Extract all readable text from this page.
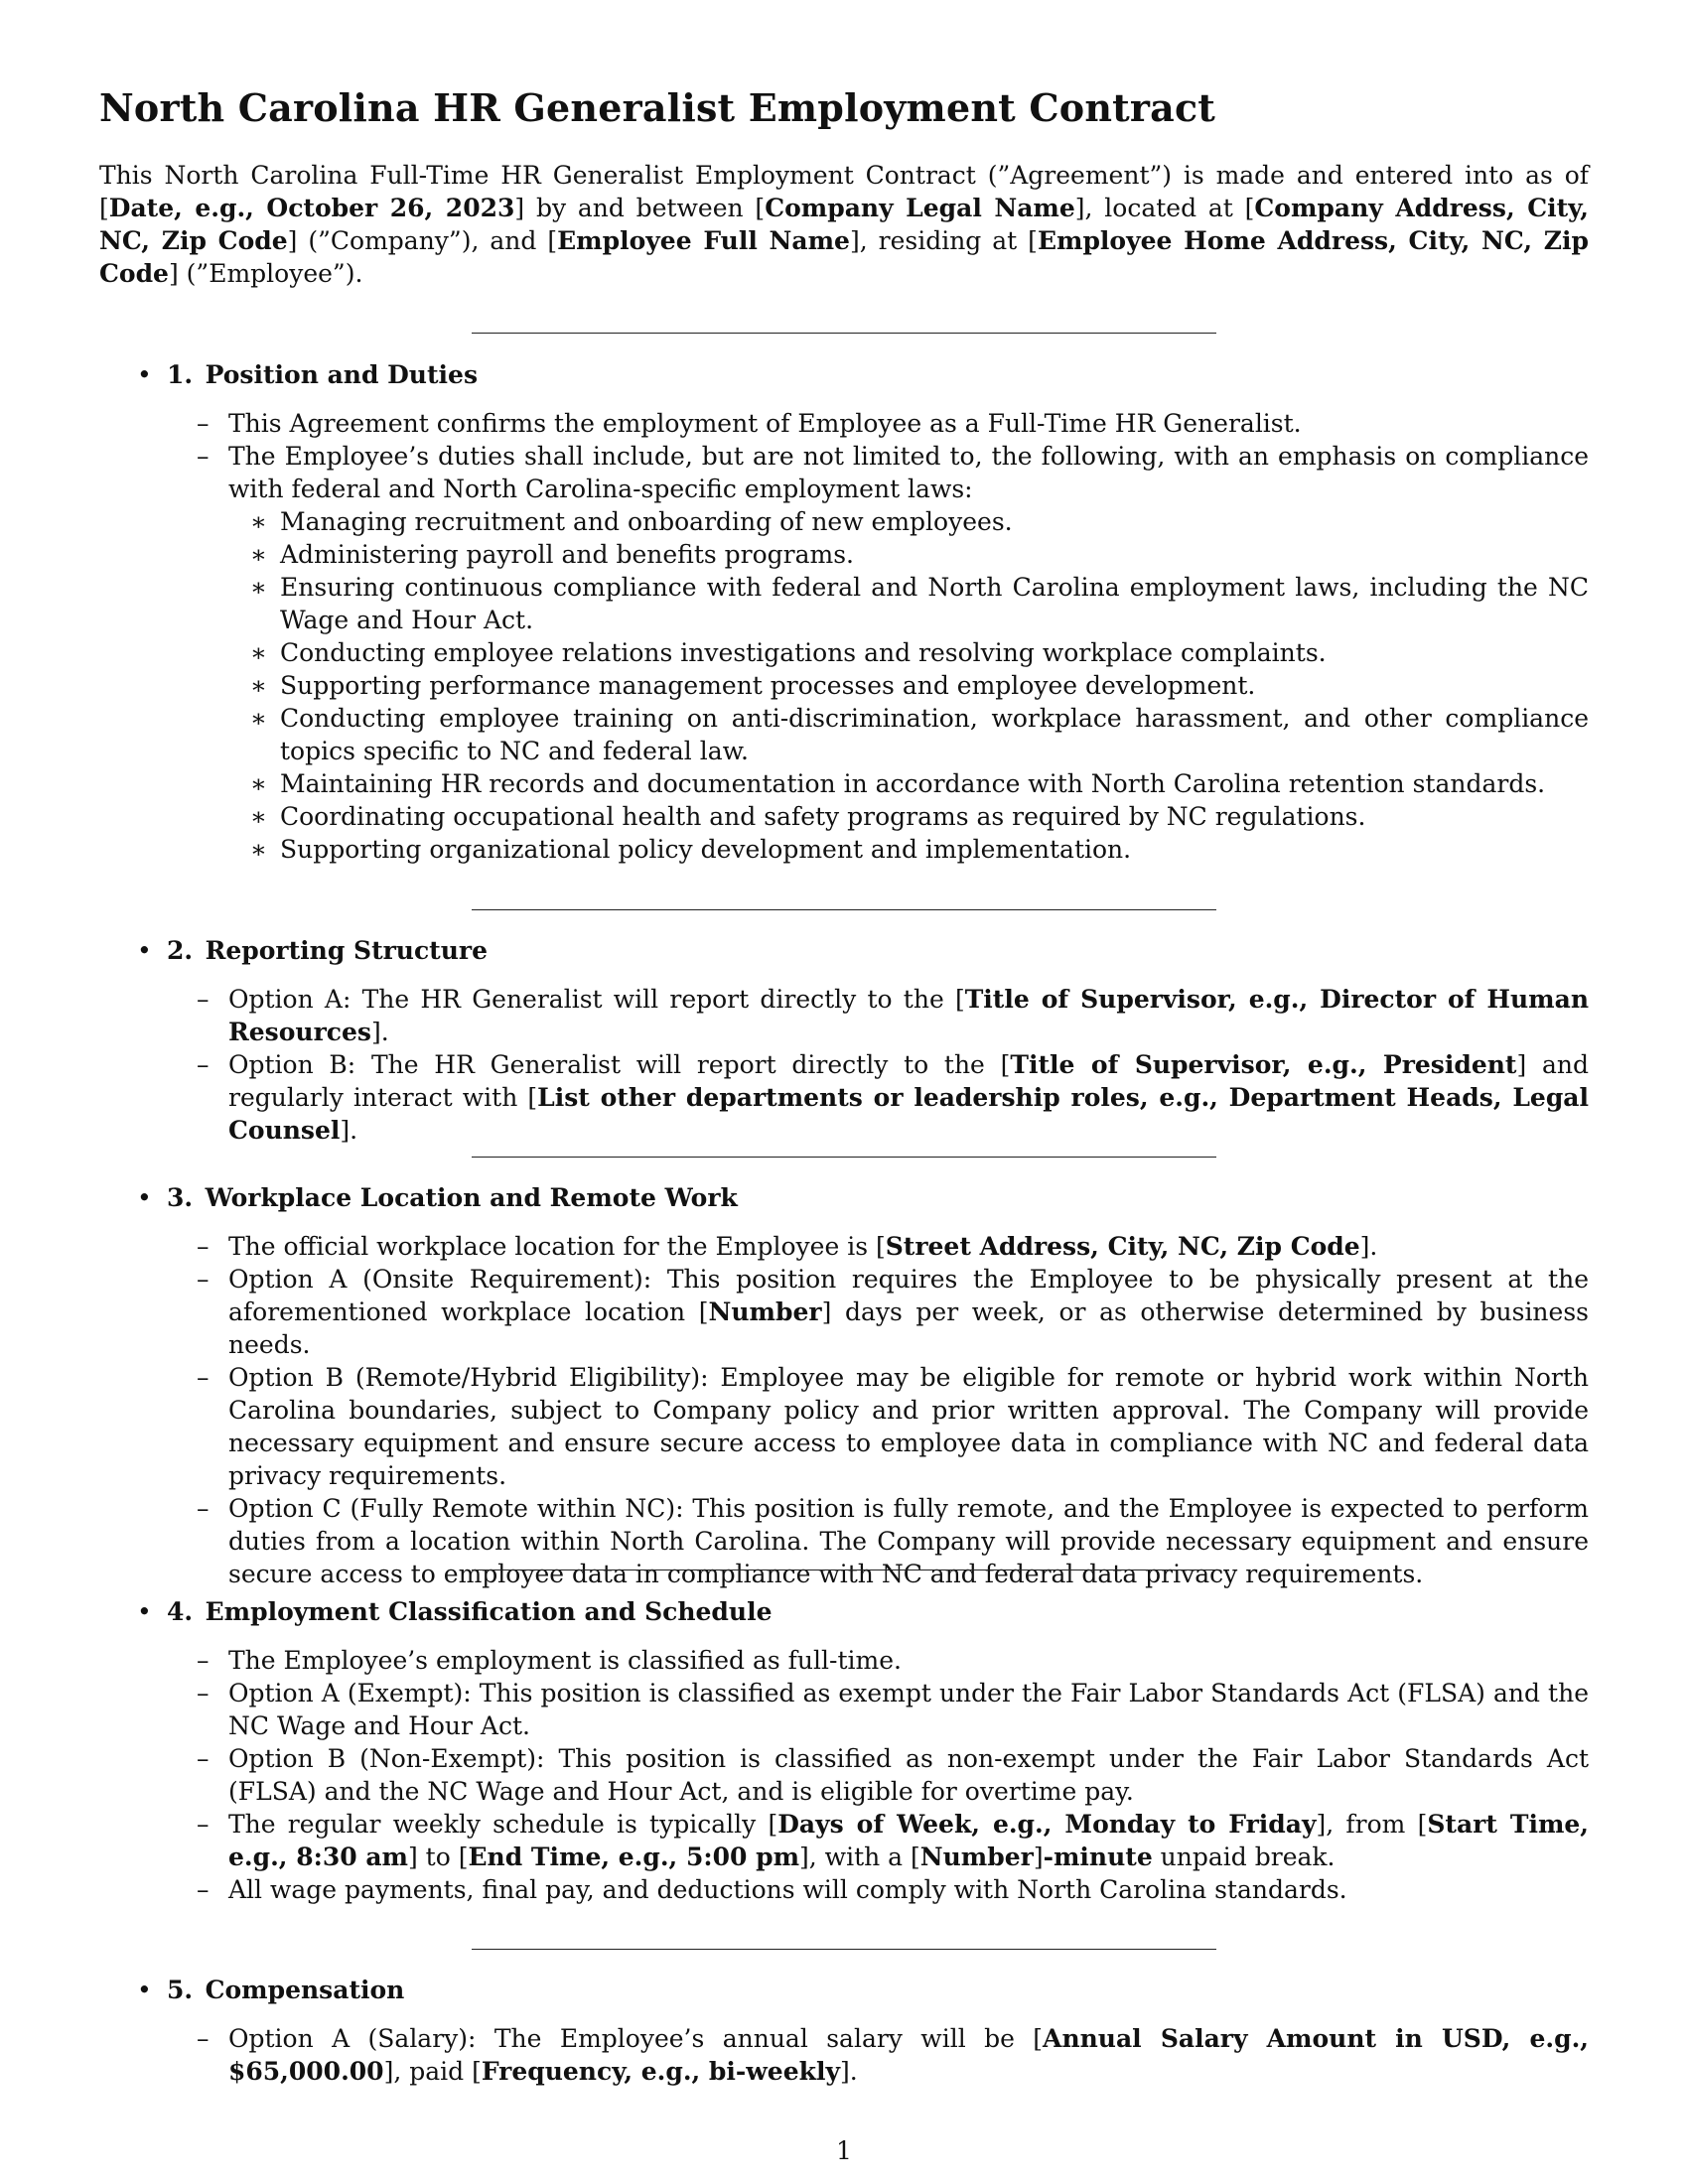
North Carolina HR Generalist Employment Contract
This North Carolina Full-Time HR Generalist Employment Contract (”Agreement”) is made and entered into as of [Date, e.g., October 26, 2023] by and between [Company Legal Name], located at [Company Address, City, NC, Zip Code] (”Company”), and [Employee Full Name], residing at [Employee Home Address, City, NC, Zip Code] (”Employee”).
• 1. Position and Duties
– This Agreement confirms the employment of Employee as a Full-Time HR Generalist.
– The Employee’s duties shall include, but are not limited to, the following, with an emphasis on compliance with federal and North Carolina-specific employment laws:
∗ Managing recruitment and onboarding of new employees.
∗ Administering payroll and benefits programs.
∗ Ensuring continuous compliance with federal and North Carolina employment laws, including the NC Wage and Hour Act.
∗ Conducting employee relations investigations and resolving workplace complaints.
∗ Supporting performance management processes and employee development.
∗ Conducting employee training on anti-discrimination, workplace harassment, and other compliance topics specific to NC and federal law.
∗ Maintaining HR records and documentation in accordance with North Carolina retention standards.
∗ Coordinating occupational health and safety programs as required by NC regulations.
∗ Supporting organizational policy development and implementation.
• 2. Reporting Structure
– Option A: The HR Generalist will report directly to the [Title of Supervisor, e.g., Director of Human Resources].
– Option B: The HR Generalist will report directly to the [Title of Supervisor, e.g., President] and regularly interact with [List other departments or leadership roles, e.g., Department Heads, Legal Counsel].
• 3. Workplace Location and Remote Work
– The official workplace location for the Employee is [Street Address, City, NC, Zip Code].
– Option A (Onsite Requirement): This position requires the Employee to be physically present at the aforementioned workplace location [Number] days per week, or as otherwise determined by business needs.
– Option B (Remote/Hybrid Eligibility): Employee may be eligible for remote or hybrid work within North Carolina boundaries, subject to Company policy and prior written approval. The Company will provide necessary equipment and ensure secure access to employee data in compliance with NC and federal data privacy requirements.
– Option C (Fully Remote within NC): This position is fully remote, and the Employee is expected to perform duties from a location within North Carolina. The Company will provide necessary equipment and ensure secure access to employee data in compliance with NC and federal data privacy requirements.
• 4. Employment Classification and Schedule
– The Employee’s employment is classified as full-time.
– Option A (Exempt): This position is classified as exempt under the Fair Labor Standards Act (FLSA) and the NC Wage and Hour Act.
– Option B (Non-Exempt): This position is classified as non-exempt under the Fair Labor Standards Act (FLSA) and the NC Wage and Hour Act, and is eligible for overtime pay.
– The regular weekly schedule is typically [Days of Week, e.g., Monday to Friday], from [Start Time, e.g., 8:30 am] to [End Time, e.g., 5:00 pm], with a [Number]-minute unpaid break.
– All wage payments, final pay, and deductions will comply with North Carolina standards.
• 5. Compensation
– Option A (Salary): The Employee’s annual salary will be [Annual Salary Amount in USD, e.g., $65,000.00], paid [Frequency, e.g., bi-weekly].
1
